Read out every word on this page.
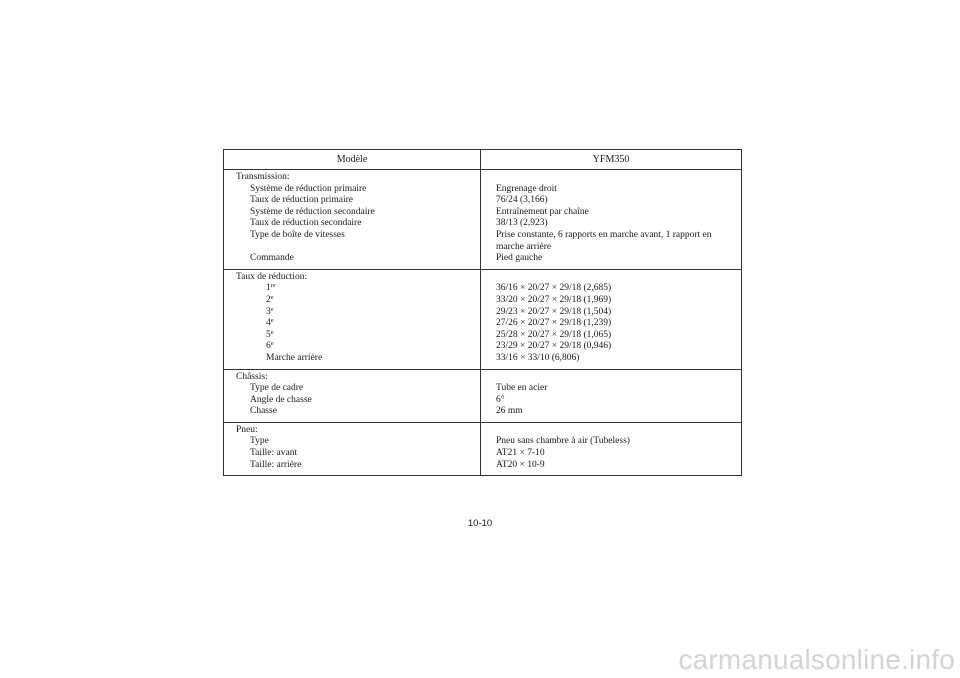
Modèle	YFM350
Transmission:
Système de réduction primaire
Taux de réduction primaire
Système de réduction secondaire
Taux de réduction secondaire
Type de boîte de vitesses
Commande
Engrenage droit
76/24 (3,166)
Entraînement par chaîne
38/13 (2,923)
Prise constante, 6 rapports en marche avant, 1 rapport en marche arrière
Pied gauche
Taux de réduction:
1re
2e
3e
4e
5e
6e
Marche arrière
36/16 × 20/27 × 29/18 (2,685)
33/20 × 20/27 × 29/18 (1,969)
29/23 × 20/27 × 29/18 (1,504)
27/26 × 20/27 × 29/18 (1,239)
25/28 × 20/27 × 29/18 (1,065)
23/29 × 20/27 × 29/18 (0,946)
33/16 × 33/10 (6,806)
Châssis:
Type de cadre
Angle de chasse
Chasse
Tube en acier
6°
26 mm
Pneu:
Type
Taille: avant
Taille: arrière
Pneu sans chambre à air (Tubeless)
AT21 × 7-10
AT20 × 10-9
10-10
carmanualsonline.info
